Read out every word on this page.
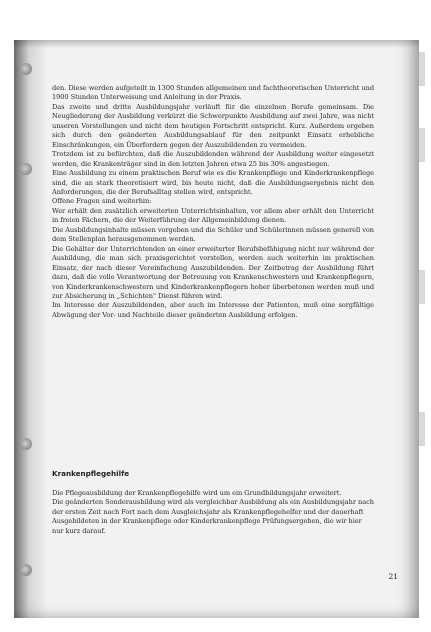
den. Diese werden aufgeteilt in 1300 Stunden allgemeinen und fachtheoretischen Unterricht und 1900 Stunden Unterweisung und Anleitung in der Praxis.

Das zweite und dritte Ausbildungsjahr verläuft für die einzelnen Berufe gemeinsam. Die Neugliederung der Ausbildung verkürzt die Schwerpunkte Ausbildung auf zwei Jahre, was nicht unseren Vorstellungen und nicht dem heutigen Fortschritt entspricht. Kurz. Außerdem ergeben sich durch den geänderten Ausbildungsablauf für den zeitpunkt Einsatz erhebliche Einschränkungen, ein Überfordern gegen der Auszubildenden zu vermeiden.

Trotzdem ist zu befürchten, daß die Auszubildenden während der Ausbildung weiter eingesetzt werden, die Krankenträger sind in den letzten Jahren etwa 25 bis 30% angestiegen.

Eine Ausbildung zu einem praktischen Beruf wie es die Krankenpflege und Kinderkrankenpflege sind, die an stark theoretisiert wird, bis heute nicht, daß die Ausbildungsergebnis nicht den Anforderungen, die der Berufsalltag stellen wird, entspricht.

Offene Fragen sind weiterhin:

Wer erhält den zusätzlich erweiterten Unterrichtsinhalten, vor allem aber erhält den Unterricht in freien Fächern, die der Weiterführung der Allgemeinbildung dienen.

Die Ausbildungsinhalte müssen vorgeben und die Schüler und Schülerinnen müssen generell von dem Stellenplan herausgenommen werden.

Die Gehälter der Unterrichtenden an einer erweiterter Berufsbefähigung nicht nur während der Ausbildung, die man sich praxisgerichtet vorstellen, werden auch weiterhin im praktischen Einsatz, der nach dieser Vereinfachung Auszubildenden. Der Zeitbetrag der Ausbildung führt dazu, daß die volle Verantwortung der Betreuung von Krankenschwestern und Krankenpflegern, von Kinderkrankenschwestern und Kinderkrankenpflegern hoher überbetonen werden muß und zur Absicherung in „Schichten" Dienst führen wird.

Im Interesse der Auszubildenden, aber auch im Interesse der Patienten, muß eine sorgfältige Abwägung der Vor- und Nachteile dieser geänderten Ausbildung erfolgen.

Krankenpflegehilfe

Die Pflegeausbildung der Krankenpflegehilfe wird um ein Grundbildungsjahr erweitert.

Die geänderten Sonderausbildung wird als vergleichbar Ausbildung als ein Ausbildungsjahr nach der ersten Zeit nach Fort nach dem Ausgleichsjahr als Krankenpflegehelfer und der dauerhaft Ausgebildeten in der Krankenpflege oder Kinderkrankenpflege Prüfungsergeben, die wir hier nur kurz darauf.

21
